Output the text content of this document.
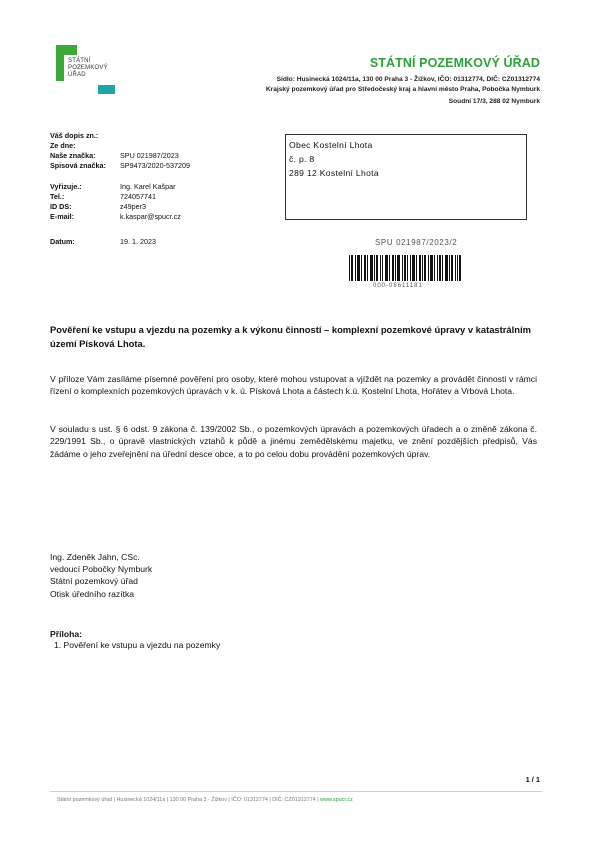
STÁTNÍ
POZEMKOVÝ
ÚŘAD
STÁTNÍ POZEMKOVÝ ÚŘAD
Sídlo: Husinecká 1024/11a, 130 00 Praha 3 - Žižkov, IČO: 01312774, DIČ: CZ01312774
Krajský pozemkový úřad pro Středočeský kraj a hlavní město Praha, Pobočka Nymburk
Soudní 17/3, 288 02 Nymburk
Váš dopis zn.:
Ze dne:
Naše značka:	SPU 021987/2023
Spisová značka: SP9473/2020-537209
Vyřizuje.:	Ing. Karel Kašpar
Tel.:	724057741
ID DS:	z49per3
E-mail:	k.kaspar@spucr.cz
Datum:	19. 1. 2023
Obec Kostelní Lhota
č. p. 8
289 12 Kostelní Lhota
SPU 021987/2023/2
000-08611181
Pověření ke vstupu a vjezdu na pozemky a k výkonu činností – komplexní pozemkové úpravy v katastrálním území Písková Lhota.
V příloze Vám zasíláme písemné pověření pro osoby, které mohou vstupovat a vjíždět na pozemky a provádět činnosti v rámci řízení o komplexních pozemkových úpravách v k. ú. Písková Lhota a částech k.ú. Kostelní Lhota, Hořátev a Vrbová Lhota.
V souladu s ust. § 6 odst. 9 zákona č. 139/2002 Sb., o pozemkových úpravách a pozemkových úřadech a o změně zákona č. 229/1991 Sb., o úpravě vlastnických vztahů k půdě a jinému zemědělskému majetku, ve znění pozdějších předpisů, Vás žádáme o jeho zveřejnění na úřední desce obce, a to po celou dobu provádění pozemkových úprav.
Ing. Zdeněk Jahn, CSc.
vedoucí Pobočky Nymburk
Státní pozemkový úřad
Otisk úředního razítka
Příloha:
1. Pověření ke vstupu a vjezdu na pozemky
1 / 1
Státní pozemkový úřad | Husinecká 1024/11a | 130 00 Praha 3 - Žižkov | IČO: 01312774 | DIČ: CZ01312774 | www.spucr.cz
